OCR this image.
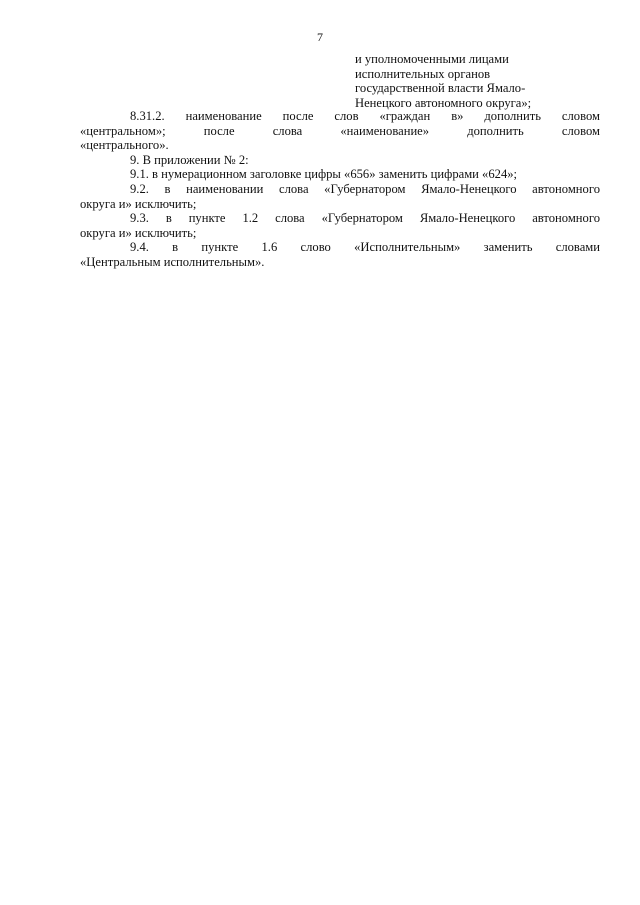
7
и уполномоченными лицами
исполнительных органов
государственной власти Ямало-
Ненецкого автономного округа»;
8.31.2. наименование после слов «граждан в» дополнить словом
«центральном»; после слова «наименование» дополнить словом
«центрального».
9. В приложении № 2:
9.1. в нумерационном заголовке цифры «656» заменить цифрами «624»;
9.2. в наименовании слова «Губернатором Ямало-Ненецкого автономного
округа и» исключить;
9.3. в пункте 1.2 слова «Губернатором Ямало-Ненецкого автономного
округа и» исключить;
9.4. в пункте 1.6 слово «Исполнительным» заменить словами
«Центральным исполнительным».
